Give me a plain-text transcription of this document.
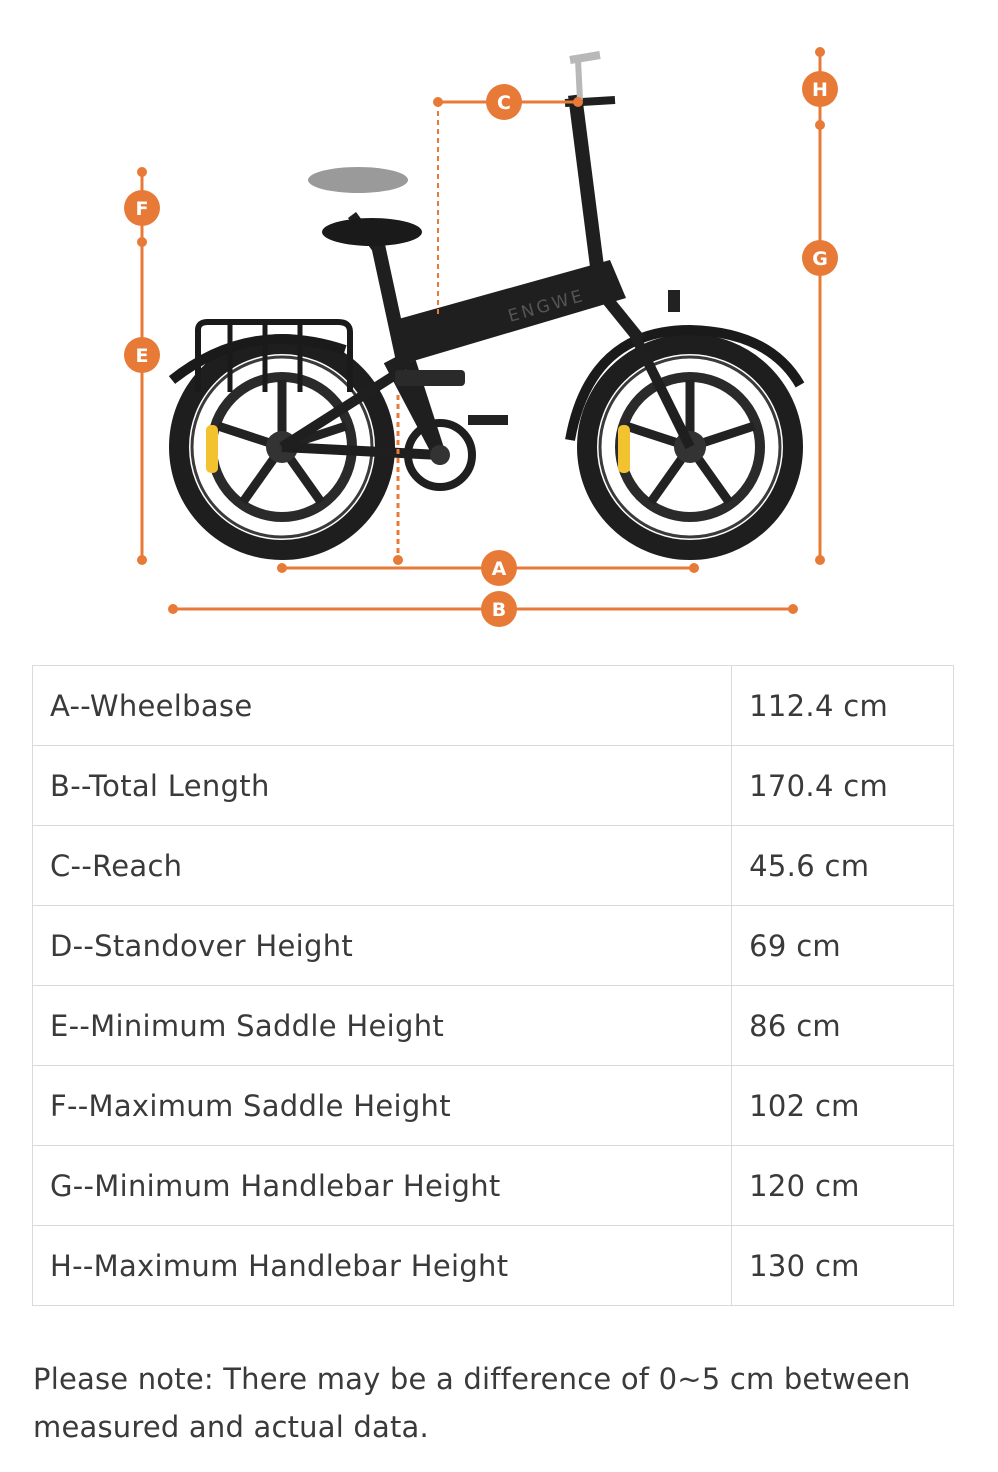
ENGWE
A
B
C
E
F
G
H
A--Wheelbase	112.4 cm
B--Total Length	170.4 cm
C--Reach	45.6 cm
D--Standover Height	69 cm
E--Minimum Saddle Height	86 cm
F--Maximum Saddle Height	102 cm
G--Minimum Handlebar Height	120 cm
H--Maximum Handlebar Height	130 cm

Please note: There may be a difference of 0~5 cm between measured and actual data.
